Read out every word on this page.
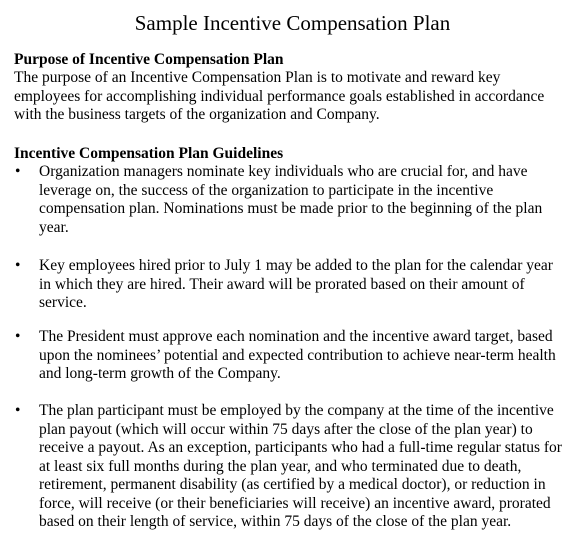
Sample Incentive Compensation Plan
Purpose of Incentive Compensation Plan
The purpose of an Incentive Compensation Plan is to motivate and reward key
employees for accomplishing individual performance goals established in accordance
with the business targets of the organization and Company.
Incentive Compensation Plan Guidelines
• Organization managers nominate key individuals who are crucial for, and have
leverage on, the success of the organization to participate in the incentive
compensation plan. Nominations must be made prior to the beginning of the plan
year.
• Key employees hired prior to July 1 may be added to the plan for the calendar year
in which they are hired. Their award will be prorated based on their amount of
service.
• The President must approve each nomination and the incentive award target, based
upon the nominees’ potential and expected contribution to achieve near-term health
and long-term growth of the Company.
• The plan participant must be employed by the company at the time of the incentive
plan payout (which will occur within 75 days after the close of the plan year) to
receive a payout. As an exception, participants who had a full-time regular status for
at least six full months during the plan year, and who terminated due to death,
retirement, permanent disability (as certified by a medical doctor), or reduction in
force, will receive (or their beneficiaries will receive) an incentive award, prorated
based on their length of service, within 75 days of the close of the plan year.
